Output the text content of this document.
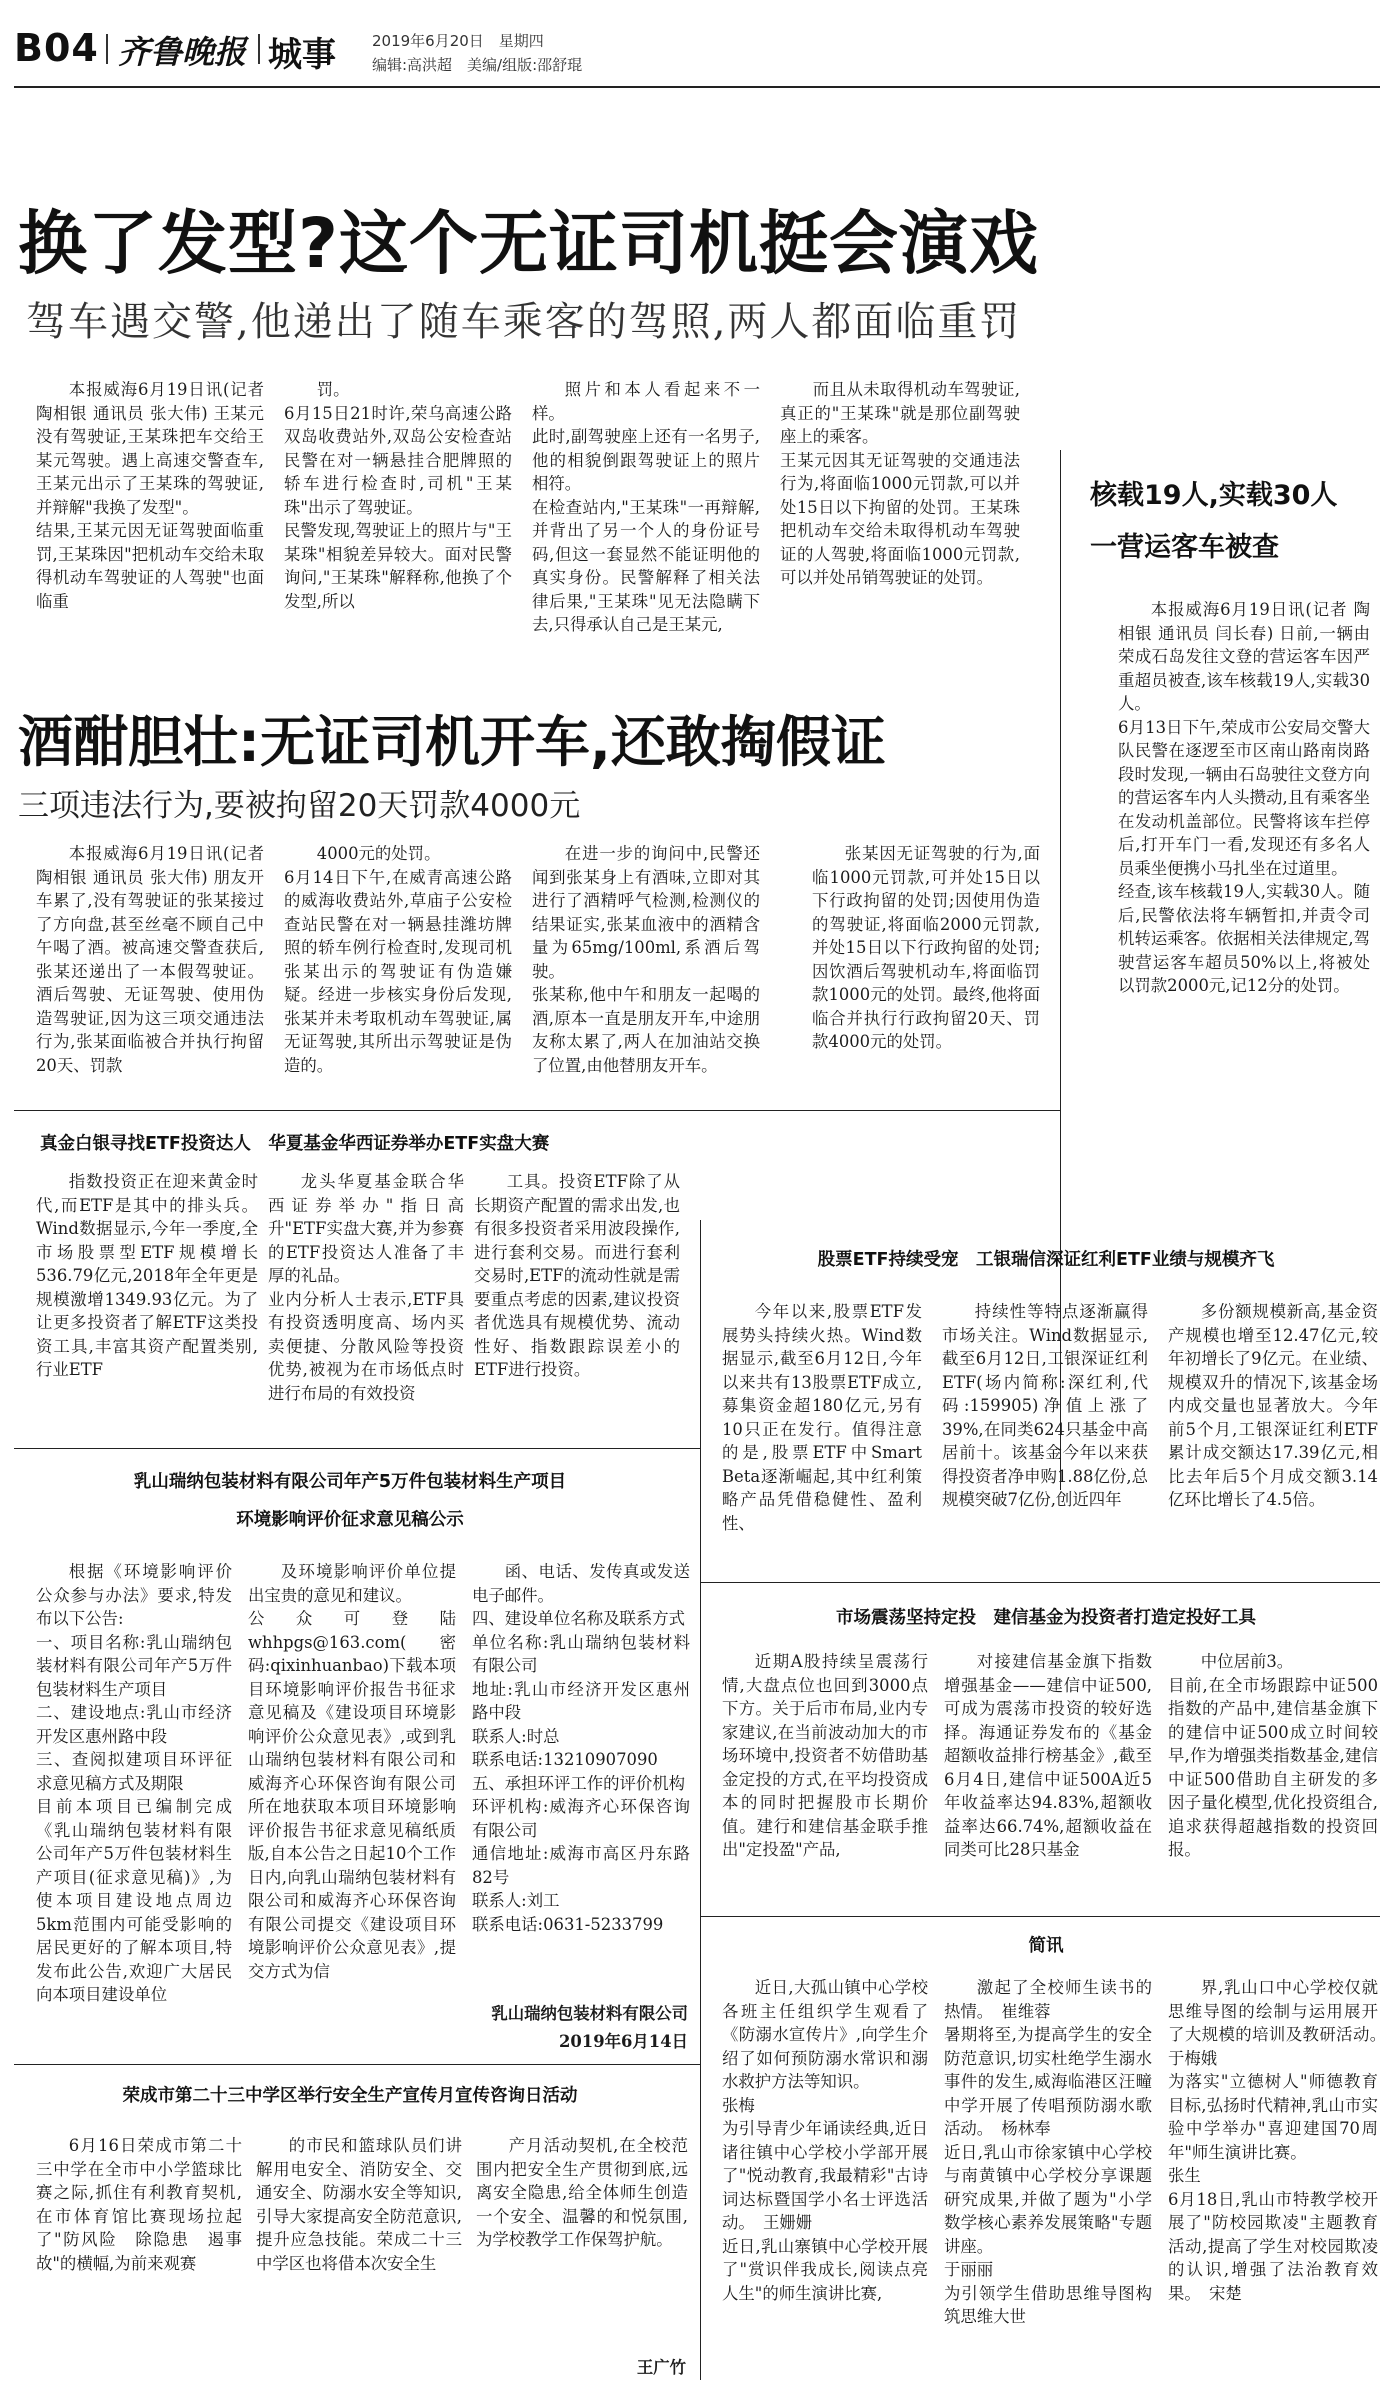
B04 齐鲁晚报 城事 2019年6月20日　星期四
编辑:高洪超　美编/组版:邵舒琨
换了发型?这个无证司机挺会演戏
驾车遇交警,他递出了随车乘客的驾照,两人都面临重罚

本报威海6月19日讯(记者 陶相银 通讯员 张大伟) 王某元没有驾驶证,王某珠把车交给王某元驾驶。遇上高速交警查车,王某元出示了王某珠的驾驶证,并辩解"我换了发型"。
结果,王某元因无证驾驶面临重罚,王某珠因"把机动车交给未取得机动车驾驶证的人驾驶"也面临重

罚。
6月15日21时许,荣乌高速公路双岛收费站外,双岛公安检查站民警在对一辆悬挂合肥牌照的轿车进行检查时,司机"王某珠"出示了驾驶证。
民警发现,驾驶证上的照片与"王某珠"相貌差异较大。面对民警询问,"王某珠"解释称,他换了个发型,所以

照片和本人看起来不一样。
此时,副驾驶座上还有一名男子,他的相貌倒跟驾驶证上的照片相符。
在检查站内,"王某珠"一再辩解,并背出了另一个人的身份证号码,但这一套显然不能证明他的真实身份。民警解释了相关法律后果,"王某珠"见无法隐瞒下去,只得承认自己是王某元,

而且从未取得机动车驾驶证,真正的"王某珠"就是那位副驾驶座上的乘客。
王某元因其无证驾驶的交通违法行为,将面临1000元罚款,可以并处15日以下拘留的处罚。王某珠把机动车交给未取得机动车驾驶证的人驾驶,将面临1000元罚款,可以并处吊销驾驶证的处罚。

核载19人,实载30人
一营运客车被查

本报威海6月19日讯(记者 陶相银 通讯员 闫长春) 日前,一辆由荣成石岛发往文登的营运客车因严重超员被查,该车核载19人,实载30人。
6月13日下午,荣成市公安局交警大队民警在逐逻至市区南山路南岗路段时发现,一辆由石岛驶往文登方向的营运客车内人头攒动,且有乘客坐在发动机盖部位。民警将该车拦停后,打开车门一看,发现还有多名人员乘坐便携小马扎坐在过道里。
经查,该车核载19人,实载30人。随后,民警依法将车辆暂扣,并责令司机转运乘客。依据相关法律规定,驾驶营运客车超员50%以上,将被处以罚款2000元,记12分的处罚。

酒酣胆壮:无证司机开车,还敢掏假证
三项违法行为,要被拘留20天罚款4000元

本报威海6月19日讯(记者 陶相银 通讯员 张大伟) 朋友开车累了,没有驾驶证的张某接过了方向盘,甚至丝毫不顾自己中午喝了酒。被高速交警查获后,张某还递出了一本假驾驶证。酒后驾驶、无证驾驶、使用伪造驾驶证,因为这三项交通违法行为,张某面临被合并执行拘留20天、罚款

4000元的处罚。
6月14日下午,在威青高速公路的威海收费站外,草庙子公安检查站民警在对一辆悬挂潍坊牌照的轿车例行检查时,发现司机张某出示的驾驶证有伪造嫌疑。经进一步核实身份后发现,张某并未考取机动车驾驶证,属无证驾驶,其所出示驾驶证是伪造的。

在进一步的询问中,民警还闻到张某身上有酒味,立即对其进行了酒精呼气检测,检测仪的结果证实,张某血液中的酒精含量为65mg/100ml,系酒后驾驶。
张某称,他中午和朋友一起喝的酒,原本一直是朋友开车,中途朋友称太累了,两人在加油站交换了位置,由他替朋友开车。

张某因无证驾驶的行为,面临1000元罚款,可并处15日以下行政拘留的处罚;因使用伪造的驾驶证,将面临2000元罚款,并处15日以下行政拘留的处罚;因饮酒后驾驶机动车,将面临罚款1000元的处罚。最终,他将面临合并执行行政拘留20天、罚款4000元的处罚。

真金白银寻找ETF投资达人　华夏基金华西证券举办ETF实盘大赛

指数投资正在迎来黄金时代,而ETF是其中的排头兵。Wind数据显示,今年一季度,全市场股票型ETF规模增长536.79亿元,2018年全年更是规模激增1349.93亿元。为了让更多投资者了解ETF这类投资工具,丰富其资产配置类别,行业ETF

龙头华夏基金联合华西证券举办"指日高升"ETF实盘大赛,并为参赛的ETF投资达人准备了丰厚的礼品。
业内分析人士表示,ETF具有投资透明度高、场内买卖便捷、分散风险等投资优势,被视为在市场低点时进行布局的有效投资

工具。投资ETF除了从长期资产配置的需求出发,也有很多投资者采用波段操作,进行套利交易。而进行套利交易时,ETF的流动性就是需要重点考虑的因素,建议投资者优选具有规模优势、流动性好、指数跟踪误差小的ETF进行投资。

股票ETF持续受宠　工银瑞信深证红利ETF业绩与规模齐飞

今年以来,股票ETF发展势头持续火热。Wind数据显示,截至6月12日,今年以来共有13股票ETF成立,募集资金超180亿元,另有10只正在发行。值得注意的是,股票ETF中Smart Beta逐渐崛起,其中红利策略产品凭借稳健性、盈利性、

持续性等特点逐渐赢得市场关注。Wind数据显示,截至6月12日,工银深证红利ETF(场内简称:深红利,代码:159905)净值上涨了39%,在同类624只基金中高居前十。该基金今年以来获得投资者净申购1.88亿份,总规模突破7亿份,创近四年

多份额规模新高,基金资产规模也增至12.47亿元,较年初增长了9亿元。在业绩、规模双升的情况下,该基金场内成交量也显著放大。今年前5个月,工银深证红利ETF累计成交额达17.39亿元,相比去年后5个月成交额3.14亿环比增长了4.5倍。

乳山瑞纳包装材料有限公司年产5万件包装材料生产项目
环境影响评价征求意见稿公示

根据《环境影响评价公众参与办法》要求,特发布以下公告:
一、项目名称:乳山瑞纳包装材料有限公司年产5万件包装材料生产项目
二、建设地点:乳山市经济开发区惠州路中段
三、查阅拟建项目环评征求意见稿方式及期限
目前本项目已编制完成《乳山瑞纳包装材料有限公司年产5万件包装材料生产项目(征求意见稿)》,为使本项目建设地点周边5km范围内可能受影响的居民更好的了解本项目,特发布此公告,欢迎广大居民向本项目建设单位

及环境影响评价单位提出宝贵的意见和建议。
公众可登陆whhpgs@163.com(密码:qixinhuanbao)下载本项目环境影响评价报告书征求意见稿及《建设项目环境影响评价公众意见表》,或到乳山瑞纳包装材料有限公司和威海齐心环保咨询有限公司所在地获取本项目环境影响评价报告书征求意见稿纸质版,自本公告之日起10个工作日内,向乳山瑞纳包装材料有限公司和威海齐心环保咨询有限公司提交《建设项目环境影响评价公众意见表》,提交方式为信

函、电话、发传真或发送电子邮件。
四、建设单位名称及联系方式
单位名称:乳山瑞纳包装材料有限公司
地址:乳山市经济开发区惠州路中段
联系人:时总
联系电话:13210907090
五、承担环评工作的评价机构
环评机构:威海齐心环保咨询有限公司
通信地址:威海市高区丹东路82号
联系人:刘工
联系电话:0631-5233799

乳山瑞纳包装材料有限公司
2019年6月14日
市场震荡坚持定投　建信基金为投资者打造定投好工具

近期A股持续呈震荡行情,大盘点位也回到3000点下方。关于后市布局,业内专家建议,在当前波动加大的市场环境中,投资者不妨借助基金定投的方式,在平均投资成本的同时把握股市长期价值。建行和建信基金联手推出"定投盈"产品,

对接建信基金旗下指数增强基金——建信中证500,可成为震荡市投资的较好选择。海通证券发布的《基金超额收益排行榜基金》,截至6月4日,建信中证500A近5年收益率达94.83%,超额收益率达66.74%,超额收益在同类可比28只基金

中位居前3。
目前,在全市场跟踪中证500指数的产品中,建信基金旗下的建信中证500成立时间较早,作为增强类指数基金,建信中证500借助自主研发的多因子量化模型,优化投资组合,追求获得超越指数的投资回报。

简讯

近日,大孤山镇中心学校各班主任组织学生观看了《防溺水宣传片》,向学生介绍了如何预防溺水常识和溺水救护方法等知识。
张梅
为引导青少年诵读经典,近日诸往镇中心学校小学部开展了"悦动教育,我最精彩"古诗词达标暨国学小名士评选活动。　王姗姗
近日,乳山寨镇中心学校开展了"赏识伴我成长,阅读点亮人生"的师生演讲比赛,

激起了全校师生读书的热情。　崔维蓉
暑期将至,为提高学生的安全防范意识,切实杜绝学生溺水事件的发生,威海临港区汪疃中学开展了传唱预防溺水歌活动。　杨林奉
近日,乳山市徐家镇中心学校与南黄镇中心学校分享课题研究成果,并做了题为"小学数学核心素养发展策略"专题讲座。
于丽丽
为引领学生借助思维导图构筑思维大世

界,乳山口中心学校仅就思维导图的绘制与运用展开了大规模的培训及教研活动。　于梅娥
为落实"立德树人"师德教育目标,弘扬时代精神,乳山市实验中学举办"喜迎建国70周年"师生演讲比赛。
张生
6月18日,乳山市特教学校开展了"防校园欺凌"主题教育活动,提高了学生对校园欺凌的认识,增强了法治教育效果。　宋楚

荣成市第二十三中学区举行安全生产宣传月宣传咨询日活动

6月16日荣成市第二十三中学在全市中小学篮球比赛之际,抓住有利教育契机,在市体育馆比赛现场拉起了"防风险　除隐患　遏事故"的横幅,为前来观赛

的市民和篮球队员们讲解用电安全、消防安全、交通安全、防溺水安全等知识,引导大家提高安全防范意识,提升应急技能。荣成二十三中学区也将借本次安全生

产月活动契机,在全校范围内把安全生产贯彻到底,远离安全隐患,给全体师生创造一个安全、温馨的和悦氛围,为学校教学工作保驾护航。

王广竹
